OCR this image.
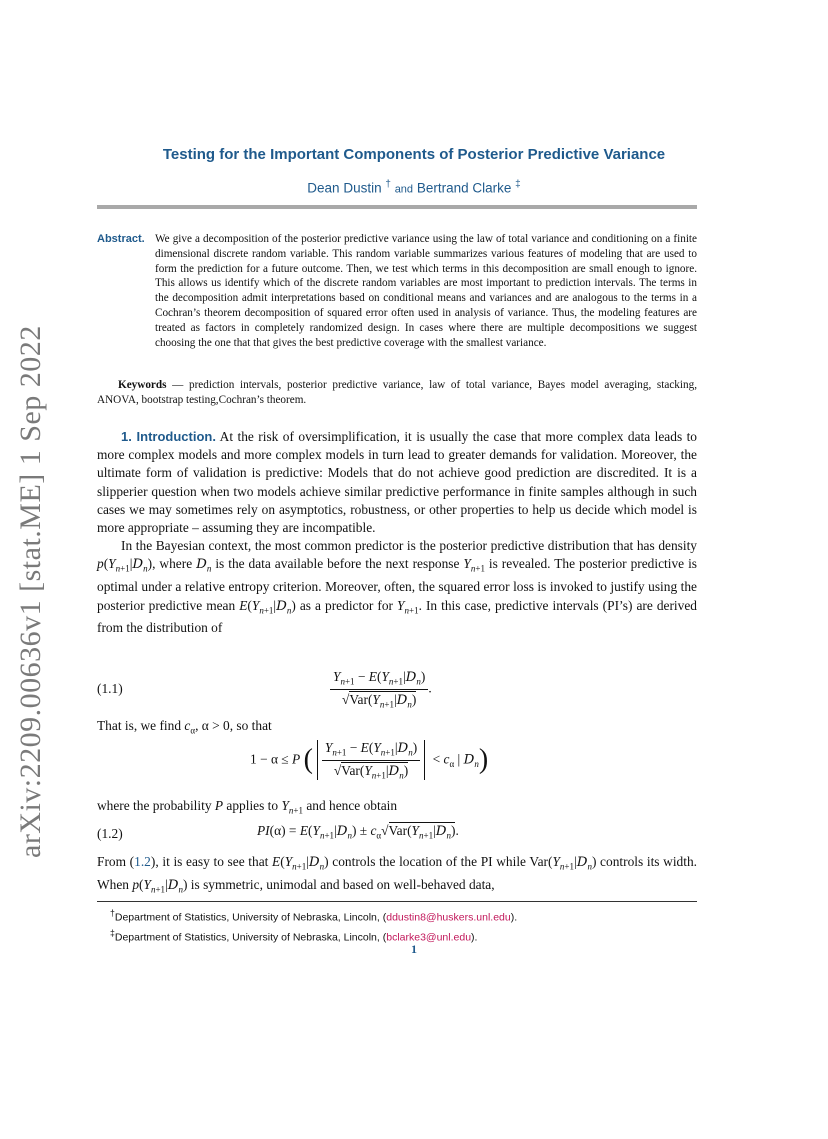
arXiv:2209.00636v1 [stat.ME] 1 Sep 2022
Testing for the Important Components of Posterior Predictive Variance
Dean Dustin † and Bertrand Clarke ‡
Abstract. We give a decomposition of the posterior predictive variance using the law of total variance and conditioning on a finite dimensional discrete random variable. This random variable summarizes various features of modeling that are used to form the prediction for a future outcome. Then, we test which terms in this decomposition are small enough to ignore. This allows us identify which of the discrete random variables are most important to prediction intervals. The terms in the decomposition admit interpretations based on conditional means and variances and are analogous to the terms in a Cochran’s theorem decomposition of squared error often used in analysis of variance. Thus, the modeling features are treated as factors in completely randomized design. In cases where there are multiple decompositions we suggest choosing the one that that gives the best predictive coverage with the smallest variance.

Keywords — prediction intervals, posterior predictive variance, law of total variance, Bayes model averaging, stacking, ANOVA, bootstrap testing,Cochran’s theorem.

1. Introduction. At the risk of oversimplification, it is usually the case that more complex data leads to more complex models and more complex models in turn lead to greater demands for validation. Moreover, the ultimate form of validation is predictive: Models that do not achieve good prediction are discredited. It is a slipperier question when two models achieve similar predictive performance in finite samples although in such cases we may sometimes rely on asymptotics, robustness, or other properties to help us decide which model is more appropriate – assuming they are incompatible.

In the Bayesian context, the most common predictor is the posterior predictive distribution that has density $p(Y_{n+1}|D_n)$, where $D_n$ is the data available before the next response $Y_{n+1}$ is revealed. The posterior predictive is optimal under a relative entropy criterion. Moreover, often, the squared error loss is invoked to justify using the posterior predictive mean $E(Y_{n+1}|D_n)$ as a predictor for $Y_{n+1}$. In this case, predictive intervals (PI’s) are derived from the distribution of

(1.1)	$\frac{Y_{n+1} - E(Y_{n+1}|D_n)}{√Var(Y_{n+1}|D_n)}$ .
That is, we find $c_\alpha$, α > 0, so that
1 − α ≤ P ( $\frac{Y_{n+1} - E(Y_{n+1}|D_n)}{√Var(Y_{n+1}|D_n)} < c_\alpha$ | $D_n$)
where the probability P applies to $Y_{n+1}$ and hence obtain
(1.2)	$PI(\alpha) = E(Y_{n+1}|D_n) \pm c_\alpha√Var(Y_{n+1}|D_n)$.
From (1.2), it is easy to see that $E(Y_{n+1}|D_n)$ controls the location of the PI while $Var(Y_{n+1}|D_n)$ controls its width. When $p(Y_{n+1}|D_n)$ is symmetric, unimodal and based on well-behaved data,
†Department of Statistics, University of Nebraska, Lincoln, (ddustin8@huskers.unl.edu).
‡Department of Statistics, University of Nebraska, Lincoln, (bclarke3@unl.edu).
1
